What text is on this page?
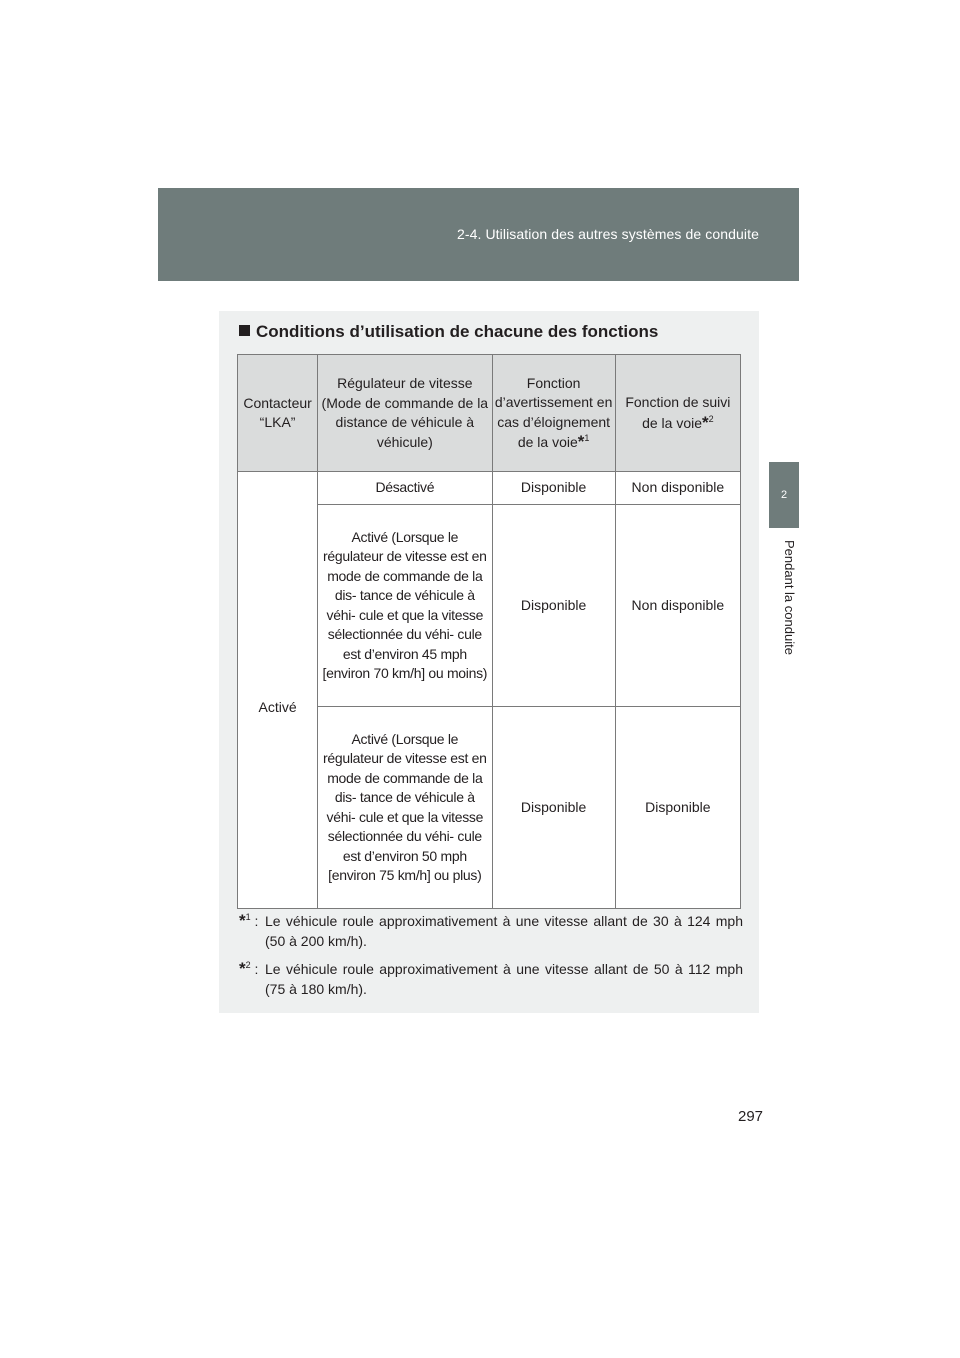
2-4. Utilisation des autres systèmes de conduite
2
Pendant la conduite
Conditions d’utilisation de chacune des fonctions
Contacteur “LKA”	Régulateur de vitesse (Mode de commande de la distance de véhicule à véhicule)	Fonction d’avertissement en cas d’éloignement de la voie*$^1$	Fonction de suivi de la voie*$^2$
Activé	Désactivé	Disponible	Non disponible
	Activé (Lorsque le régulateur de vitesse est en mode de commande de la dis- tance de véhicule à véhi- cule et que la vitesse sélectionnée du véhi- cule est d’environ 45 mph [environ 70 km/h] ou moins)	Disponible	Non disponible
	Activé (Lorsque le régulateur de vitesse est en mode de commande de la dis- tance de véhicule à véhi- cule et que la vitesse sélectionnée du véhi- cule est d’environ 50 mph [environ 75 km/h] ou plus)	Disponible	Disponible
*$^1$ : Le véhicule roule approximativement à une vitesse allant de 30 à 124 mph (50 à 200 km/h).
*$^2$ : Le véhicule roule approximativement à une vitesse allant de 50 à 112 mph (75 à 180 km/h).
297
